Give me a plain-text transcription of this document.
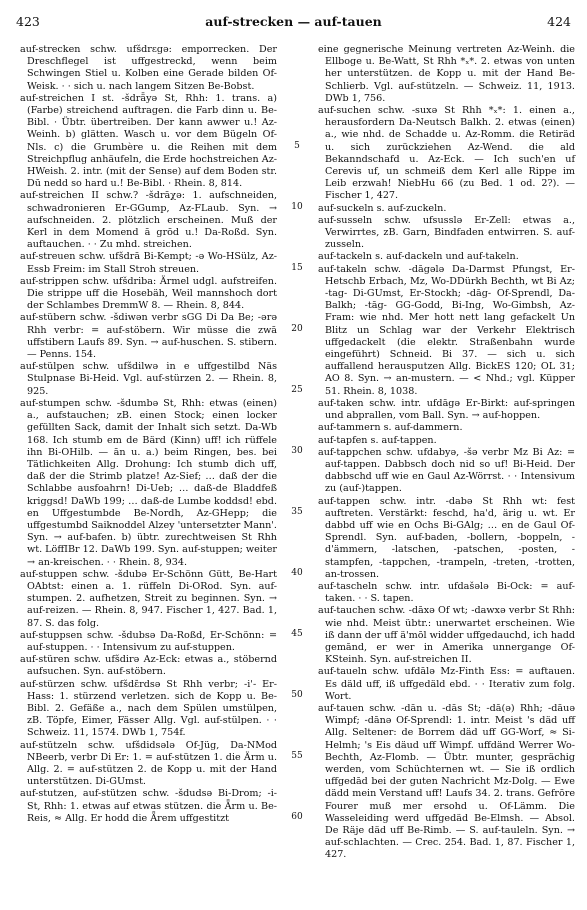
423	auf-strecken — auf-tauen	424

auf-strecken schw. ufšdrɛgə: emporrecken. Der Dreschflegel ist uffgestreckd, wenn beim Schwingen Stiel u. Kolben eine Gerade bilden Of-Weisk. · · sich u. nach langem Sitzen Be-Bobst.

auf-streichen I st. -šdrǟyə St, Rhh: 1. trans. a) (Farbe) streichend auftragen. die Farb dinn u. Be-Bibl. · Übtr. übertreiben. Der kann awwer u.! Az-Weinh. b) glätten. Wasch u. vor dem Bügeln Of-Nls. c) die Grumbère u. die Reihen mit dem Streichpflug anhäufeln, die Erde hochstreichen Az-HWeish. 2. intr. (mit der Sense) auf dem Boden str. Dū nedd so hard u.! Be-Bibl. · Rhein. 8, 814.

auf-streichen II schw.? -šdrāχə: 1. aufschneiden, schwadronieren Er-GGump, Az-FLaub. Syn. → aufschneiden. 2. plötzlich erscheinen. Muß der Kerl in dem Momend ā grōd u.! Da-Roßd. Syn. auftauchen. · · Zu mhd. streichen.

auf-streuen schw. ufšdrā Bi-Kempt; -ə Wo-HSülz, Az-Essb Freim: im Stall Stroh streuen.

auf-strippen schw. ufšdriba: Ärmel udgl. aufstreifen. Die strippe uff die Hosebäh, Weil mannshoch dort der Schlambes DremmW 8. — Rhein. 8, 844.

auf-stübern schw. -šdiwən verbr sGG Di Da Be; -ərə Rhh verbr: = auf-stöbern. Wir müsse die zwā uffstibern Laufs 89. Syn. → auf-huschen. S. stibern. — Penns. 154.

auf-stülpen schw. ufšdilwə in e uffgestilbd Näs Stulpnase Bi-Heid. Vgl. auf-stürzen 2. — Rhein. 8, 925.

auf-stumpen schw. -šdumbə St, Rhh: etwas (einen) a., aufstauchen; zB. einen Stock; einen locker gefüllten Sack, damit der Inhalt sich setzt. Da-Wb 168. Ich stumb em de Bärd (Kinn) uff! ich rüffele ihn Bi-OHilb. — ān u. a.) beim Ringen, bes. bei Tätlichkeiten Allg. Drohung: Ich stumb dich uff, daß der die Strimb platze! Az-Sief; … daß der die Schlabbe ausfoahrn! Di-Ueb; … daß-de Bladdfeß kriggsd! DaWb 199; … daß-de Lumbe koddsd! ebd. en Uffgestumbde Be-Nordh, Az-GHepp; die uffgestumbd Saiknoddel Alzey 'untersetzter Mann'. Syn. → auf-bafen. b) übtr. zurechtweisen St Rhh wt. LöffIBr 12. DaWb 199. Syn. auf-stuppen; weiter → an-kreischen. · · Rhein. 8, 934.

auf-stuppen schw. -šdubə Er-Schönn Gütt, Be-Hart OAbtst: einen a. 1. rüffeln Di-ORod. Syn. auf-stumpen. 2. aufhetzen, Streit zu beginnen. Syn. → auf-reizen. — Rhein. 8, 947. Fischer 1, 427. Bad. 1, 87. S. das folg.

auf-stuppsen schw. -šdubsə Da-Roßd, Er-Schönn: = auf-stuppen. · · Intensivum zu auf-stuppen.

auf-stüren schw. ufšdirə Az-Eck: etwas a., stöbernd aufsuchen. Syn. auf-stöbern.

auf-stürzen schw. ufšdɛ̄rdsə St Rhh verbr; -i'- Er-Hass: 1. stürzend verletzen. sich de Kopp u. Be-Bibl. 2. Gefäße a., nach dem Spülen umstülpen, zB. Töpfe, Eimer, Fässer Allg. Vgl. auf-stülpen. · · Schweiz. 11, 1574. DWb 1, 754f.

auf-stützeln schw. ufšdidsələ Of-Jüg, Da-NMod NBeerb, verbr Di Er: 1. = auf-stützen 1. die Ärm u. Allg. 2. = auf-stützen 2. de Kopp u. mit der Hand unterstützen. Di-GUmst.

auf-stutzen, auf-stützen schw. -šdudsə Bi-Drom; -i- St, Rhh: 1. etwas auf etwas stützen. die Ǟrm u. Be-Reis, ≈ Allg. Er hodd die Ǟrem uffgestitzt

5
10
15
20
25
30
35
40
45
50
55
60

eine gegnerische Meinung vertreten Az-Weinh. die Ellboge u. Be-Watt, St Rhh *ₓ*. 2. etwas von unten her unterstützen. de Kopp u. mit der Hand Be-Schlierb. Vgl. auf-stützeln. — Schweiz. 11, 1913. DWb 1, 756.

auf-suchen schw. -suxə St Rhh *ₓ*: 1. einen a., herausfordern Da-Neutsch Balkh. 2. etwas (einen) a., wie nhd. de Schadde u. Az-Romm. die Retiräd u. sich zurückziehen Az-Wend. die ald Bekanndschafd u. Az-Eck. — Ich such'en uf Cerevis uf, un schmeiß dem Kerl alle Rippe im Leib erzwah! NiebHu 66 (zu Bed. 1 od. 2?). — Fischer 1, 427.

auf-suckeln s. auf-zuckeln.

auf-susseln schw. ufsusslə Er-Zell: etwas a., Verwirrtes, zB. Garn, Bindfaden entwirren. S. auf-zusseln.

auf-tackeln s. auf-dackeln und auf-takeln.

auf-takeln schw. -dāgələ Da-Darmst Pfungst, Er-Hetschb Erbach, Mz, Wo-DDürkh Bechth, wt Bi Az; -tag- Di-GUmst, Er-Stockh; -dāg- Of-Sprendl, Da-Balkh; -tāg- GG-Godd, Bi-Ing, Wo-Gimbsh, Az-Fram: wie nhd. Mer hott nett lang gefackelt Un Blitz un Schlag war der Verkehr Elektrisch uffgedackelt (die elektr. Straßenbahn wurde eingeführt) Schneid. Bi 37. — sich u. sich auffallend herausputzen Allg. BickES 120; OL 31; AO 8. Syn. → an-mustern. — < Nhd.; vgl. Küpper 51. Rhein. 8, 1038.

auf-taken schw. intr. ufdāgə Er-Birkt: auf-springen und abprallen, vom Ball. Syn. → auf-hoppen.

auf-tammern s. auf-dammern.

auf-tapfen s. auf-tappen.

auf-tappchen schw. ufdabyə, -šə verbr Mz Bi Az: = auf-tappen. Dabbsch doch nid so uf! Bi-Heid. Der dabbschd uff wie en Gaul Az-Wörrst. · · Intensivum zu (auf-)tappen.

auf-tappen schw. intr. -dabə St Rhh wt: fest auftreten. Verstärkt: feschd, ha'd, ärig u. wt. Er dabbd uff wie en Ochs Bi-GAlg; … en de Gaul Of-Sprendl. Syn. auf-baden, -bollern, -boppeln, -d'ämmern, -latschen, -patschen, -posten, -stampfen, -tappchen, -trampeln, -treten, -trotten, an-trossen.

auf-tascheln schw. intr. ufdašələ Bi-Ock: = auf-taken. · · S. tapen.

auf-tauchen schw. -dāxə Of wt; -dawxə verbr St Rhh: wie nhd. Meist übtr.: unerwartet erscheinen. Wie iß dann der uff ä'mōl widder uffgedauchd, ich hadd gemānd, er wer in Amerika unnergange Of-KSteinh. Syn. auf-streichen II.

auf-taueln schw. ufdālə Mz-Finth Ess: = auftauen. Es däld uff, iß uffgedäld ebd. · · Iterativ zum folg. Wort.

auf-tauen schw. -dān u. -dās St; -dā(ə) Rhh; -dāuə Wimpf; -dānə Of-Sprendl: 1. intr. Meist 's däd uff Allg. Seltener: de Borrem däd uff GG-Worf, ≈ Si-Helmh; 's Eis däud uff Wimpf. uffdänd Werrer Wo-Bechth, Az-Flomb. — Übtr. munter, gesprächig werden, vom Schüchternen wt. — Sie iß ordlich uffgedād bei der guten Nachricht Mz-Dolg. — Ewe dädd mein Verstand uff! Laufs 34. 2. trans. Gefrōre Fourer muß mer ersohd u. Of-Lämm. Die Wasseleiding werd uffgedäd Be-Elmsh. — Absol. De Räje däd uff Be-Rimb. — S. auf-tauleln. Syn. → auf-schlachten. — Crec. 254. Bad. 1, 87. Fischer 1, 427.
